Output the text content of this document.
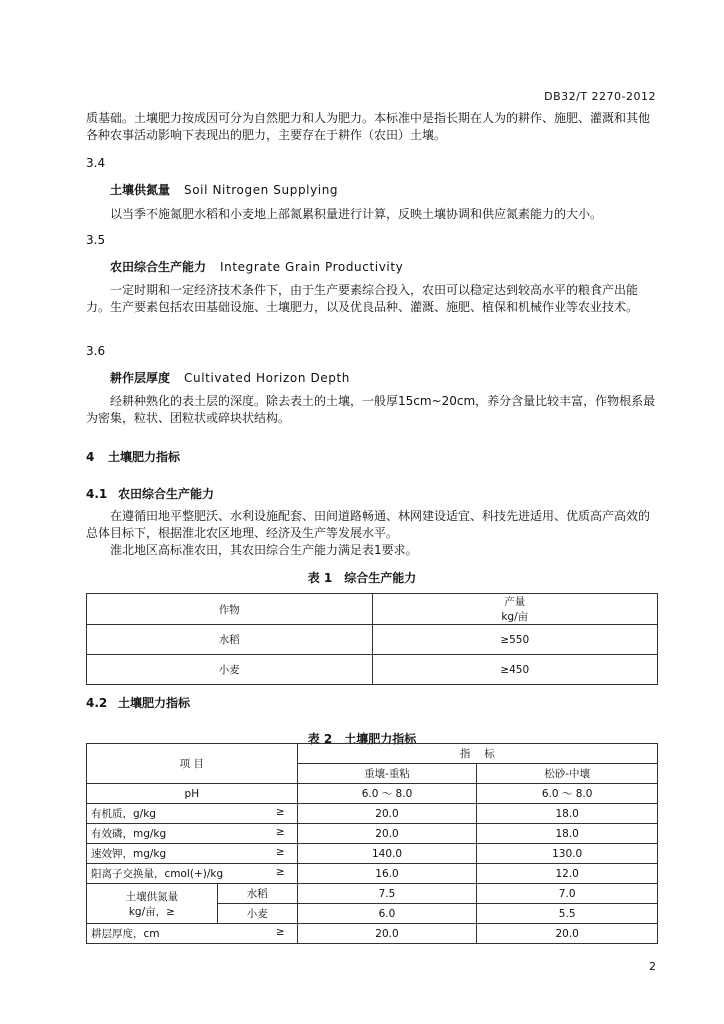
DB32/T 2270-2012
质基础。土壤肥力按成因可分为自然肥力和人为肥力。本标准中是指长期在人为的耕作、施肥、灌溉和其他各种农事活动影响下表现出的肥力，主要存在于耕作（农田）土壤。
3.4
土壤供氮量 Soil Nitrogen Supplying
以当季不施氮肥水稻和小麦地上部氮累积量进行计算，反映土壤协调和供应氮素能力的大小。
3.5
农田综合生产能力 Integrate Grain Productivity
一定时期和一定经济技术条件下，由于生产要素综合投入，农田可以稳定达到较高水平的粮食产出能力。生产要素包括农田基础设施、土壤肥力，以及优良品种、灌溉、施肥、植保和机械作业等农业技术。
3.6
耕作层厚度 Cultivated Horizon Depth
经耕种熟化的表土层的深度。除去表土的土壤，一般厚15cm~20cm，养分含量比较丰富，作物根系最为密集，粒状、团粒状或碎块状结构。
4 土壤肥力指标
4.1 农田综合生产能力
在遵循田地平整肥沃、水利设施配套、田间道路畅通、林网建设适宜、科技先进适用、优质高产高效的总体目标下，根据淮北农区地理、经济及生产等发展水平。
淮北地区高标准农田，其农田综合生产能力满足表1要求。
表 1　综合生产能力
作物	产量
kg/亩

水稻	≥550
小麦	≥450
4.2 土壤肥力指标
表 2　土壤肥力指标
项 目		指　 标	
		重壤-重粘	松砂-中壤
pH		6.0 ～ 8.0	6.0 ～ 8.0
有机质，g/kg ≥		20.0	18.0
有效磷，mg/kg ≥		20.0	18.0
速效钾，mg/kg ≥		140.0	130.0
阳离子交换量，cmol(+)/kg ≥		16.0	12.0

土壤供氮量
kg/亩，≥	水稻	7.5	7.0
	小麦	6.0	5.5
耕层厚度，cm ≥		20.0	20.0
2
